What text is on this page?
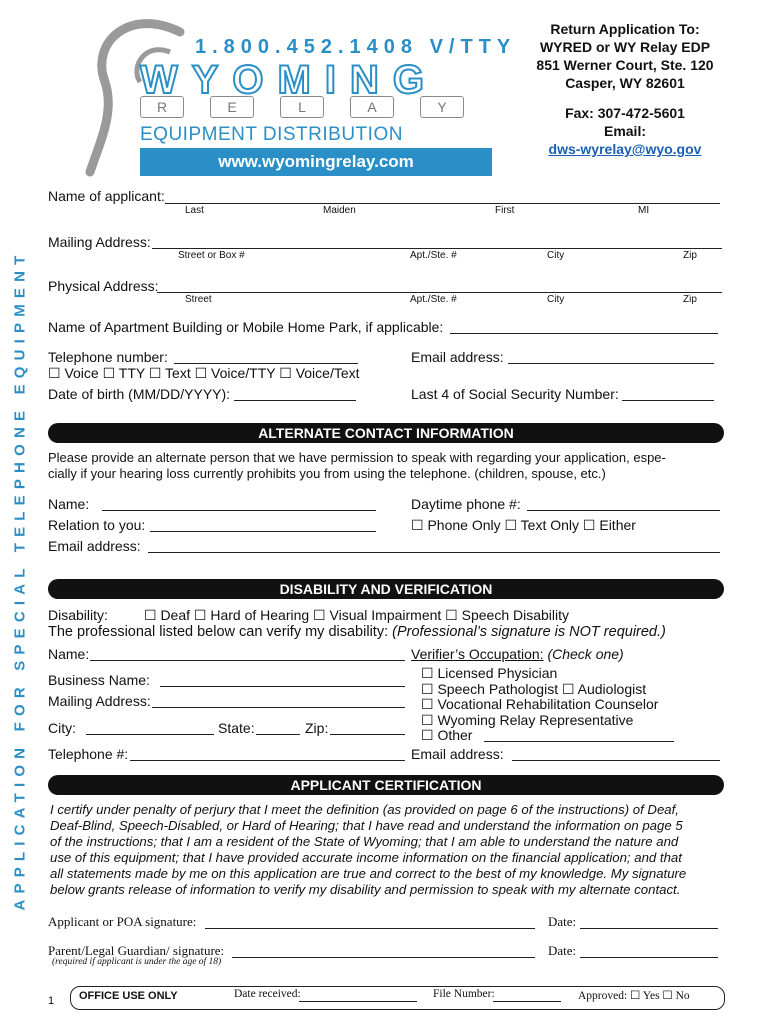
APPLICATION FOR SPECIAL TELEPHONE EQUIPMENT
1.800.452.1408 V/TTY
WYOMING
R	E	L	A	Y
EQUIPMENT DISTRIBUTION
www.wyomingrelay.com
Return Application To:
WYRED or WY Relay EDP
851 Werner Court, Ste. 120
Casper, WY 82601
Fax: 307-472-5601
Email:
dws-wyrelay@wyo.gov
Name of applicant:
Last	Maiden	First	MI
Mailing Address:
Street or Box #	Apt./Ste. #	City	Zip
Physical Address:
Street	Apt./Ste. #	City	Zip
Name of Apartment Building or Mobile Home Park, if applicable:
Telephone number:	Email address:
☐ Voice ☐ TTY ☐ Text ☐ Voice/TTY ☐ Voice/Text
Date of birth (MM/DD/YYYY):	Last 4 of Social Security Number:
ALTERNATE CONTACT INFORMATION
Please provide an alternate person that we have permission to speak with regarding your application, espe-
cially if your hearing loss currently prohibits you from using the telephone. (children, spouse, etc.)
Name:	Daytime phone #:
Relation to you:	☐ Phone Only ☐ Text Only ☐ Either
Email address:
DISABILITY AND VERIFICATION
Disability:	☐ Deaf ☐ Hard of Hearing ☐ Visual Impairment ☐ Speech Disability
The professional listed below can verify my disability: (Professional’s signature is NOT required.)
Name:	Verifier’s Occupation: (Check one)
Business Name:
Mailing Address:
City:	State:	Zip:
Telephone #:	Email address:
☐ Licensed Physician
☐ Speech Pathologist ☐ Audiologist
☐ Vocational Rehabilitation Counselor
☐ Wyoming Relay Representative
☐ Other
APPLICANT CERTIFICATION
I certify under penalty of perjury that I meet the definition (as provided on page 6 of the instructions) of Deaf,
Deaf-Blind, Speech-Disabled, or Hard of Hearing; that I have read and understand the information on page 5
of the instructions; that I am a resident of the State of Wyoming; that I am able to understand the nature and
use of this equipment; that I have provided accurate income information on the financial application; and that
all statements made by me on this application are true and correct to the best of my knowledge. My signature
below grants release of information to verify my disability and permission to speak with my alternate contact.
Applicant or POA signature:	Date:
Parent/Legal Guardian/ signature:	Date:
(required if applicant is under the age of 18)
1 OFFICE USE ONLY	Date received:	File Number:	Approved: ☐ Yes ☐ No
